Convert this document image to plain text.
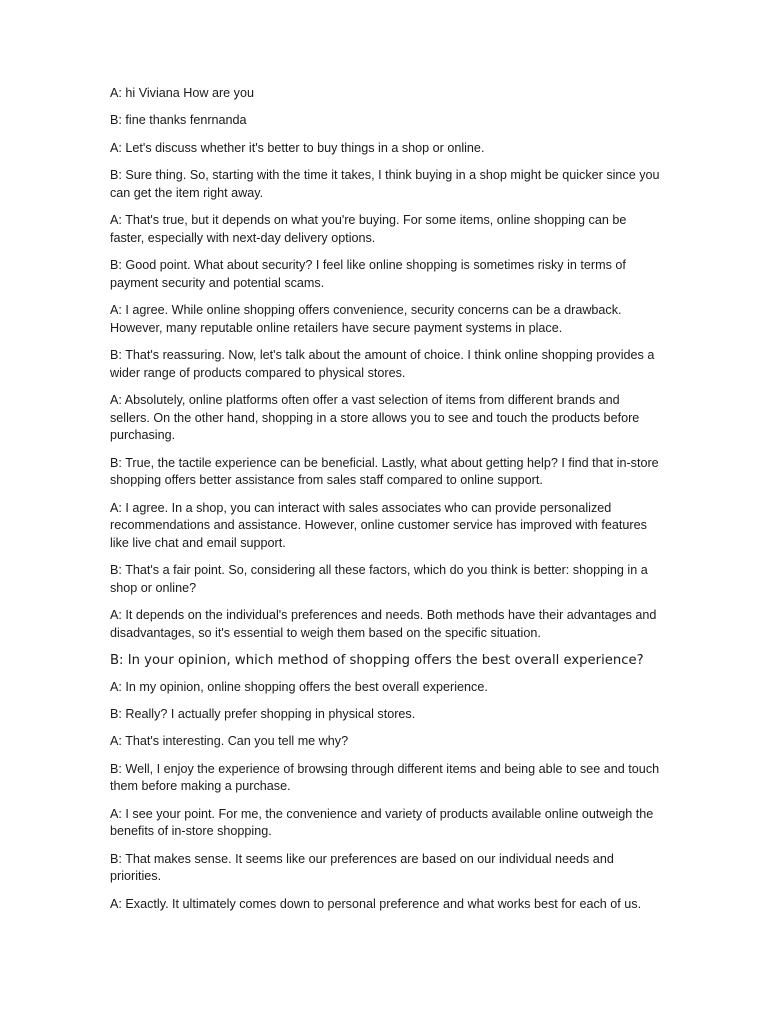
A: hi Viviana How are you

B: fine thanks fenrnanda

A: Let's discuss whether it's better to buy things in a shop or online.

B: Sure thing. So, starting with the time it takes, I think buying in a shop might be quicker since you can get the item right away.

A: That's true, but it depends on what you're buying. For some items, online shopping can be faster, especially with next-day delivery options.

B: Good point. What about security? I feel like online shopping is sometimes risky in terms of payment security and potential scams.

A: I agree. While online shopping offers convenience, security concerns can be a drawback. However, many reputable online retailers have secure payment systems in place.

B: That's reassuring. Now, let's talk about the amount of choice. I think online shopping provides a wider range of products compared to physical stores.

A: Absolutely, online platforms often offer a vast selection of items from different brands and sellers. On the other hand, shopping in a store allows you to see and touch the products before purchasing.

B: True, the tactile experience can be beneficial. Lastly, what about getting help? I find that in-store shopping offers better assistance from sales staff compared to online support.

A: I agree. In a shop, you can interact with sales associates who can provide personalized recommendations and assistance. However, online customer service has improved with features like live chat and email support.

B: That's a fair point. So, considering all these factors, which do you think is better: shopping in a shop or online?

A: It depends on the individual's preferences and needs. Both methods have their advantages and disadvantages, so it's essential to weigh them based on the specific situation.

B: In your opinion, which method of shopping offers the best overall experience?

A: In my opinion, online shopping offers the best overall experience.

B: Really? I actually prefer shopping in physical stores.

A: That's interesting. Can you tell me why?

B: Well, I enjoy the experience of browsing through different items and being able to see and touch them before making a purchase.

A: I see your point. For me, the convenience and variety of products available online outweigh the benefits of in-store shopping.

B: That makes sense. It seems like our preferences are based on our individual needs and priorities.

A: Exactly. It ultimately comes down to personal preference and what works best for each of us.
